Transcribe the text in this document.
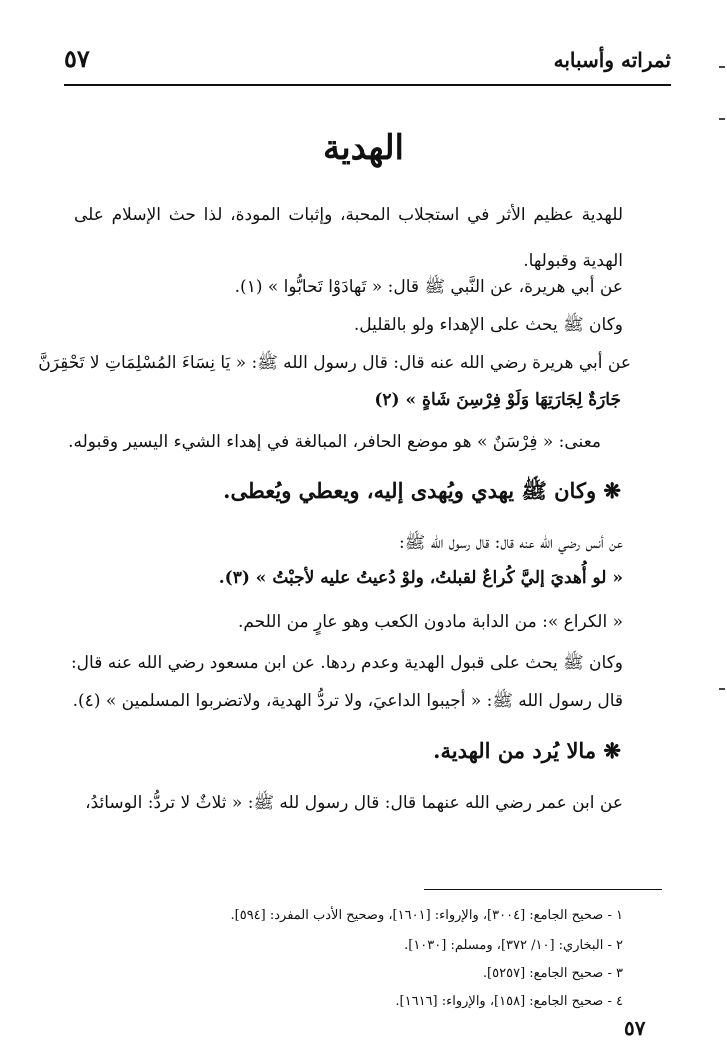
ثمراته وأسبابه
٥٧
الهدية
للهدية عظيم الأثر في استجلاب المحبة، وإثبات المودة، لذا حث الإسلام على الهدية وقبولها.
عن أبي هريرة، عن النَّبي ﷺ قال: « تَهادَوْا تَحابُّوا » (١).
وكان ﷺ يحث على الإهداء ولو بالقليل.
عن أبي هريرة رضي الله عنه قال: قال رسول الله ﷺ: « يَا نِسَاءَ المُسْلِمَاتِ لا تَحْقِرَنَّ
جَارَةٌ لِجَارَتِهَا وَلَوْ فِرْسِنَ شَاةٍ » (٢)
معنى: « فِرْسَنٌ » هو موضع الحافر، المبالغة في إهداء الشيء اليسير وقبوله.
❋ وكان ﷺ يهدي ويُهدى إليه، ويعطي ويُعطى.
عن أنس رضي الله عنه قال: قال رسول الله ﷺ:
« لو أُهديَ إليَّ كُراعٌ لقبلتُ، ولوْ دُعيتُ عليه لأجبْتُ » (٣).
« الكراع »: من الدابة مادون الكعب وهو عارٍ من اللحم.
وكان ﷺ يحث على قبول الهدية وعدم ردها. عن ابن مسعود رضي الله عنه قال:
قال رسول الله ﷺ: « أجيبوا الداعيَ، ولا تردُّ الهدية، ولاتضربوا المسلمين » (٤).
❋ مالا يُرد من الهدية.
عن ابن عمر رضي الله عنهما قال: قال رسول لله ﷺ: « ثلاثٌ لا تردُّ: الوسائدُ،
١ - صحيح الجامع: [٣٠٠٤]، والإرواء: [١٦٠١]، وصحيح الأدب المفرد: [٥٩٤].
٢ - البخاري: [١٠/ ٣٧٢]، ومسلم: [١٠٣٠].
٣ - صحيح الجامع: [٥٢٥٧].
٤ - صحيح الجامع: [١٥٨]، والإرواء: [١٦١٦].
٥٧
